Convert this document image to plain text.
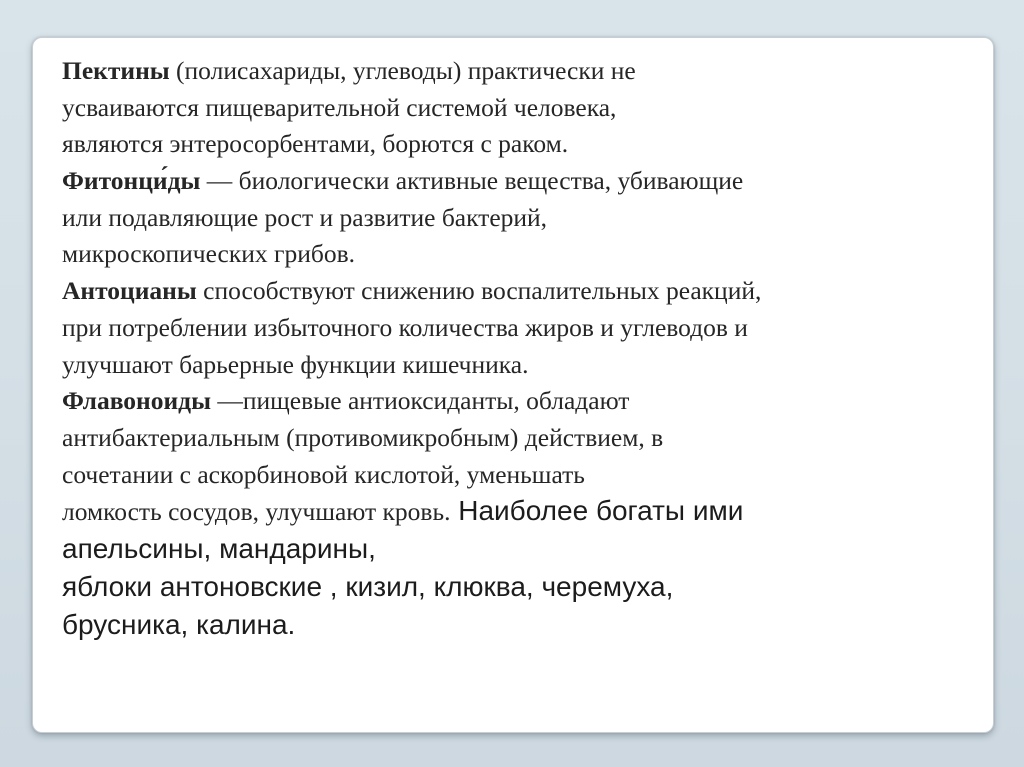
Пектины (полисахариды, углеводы) практически не
усваиваются пищеварительной системой человека,
являются энтеросорбентами, борются с раком.
Фитонци́ды — биологически активные вещества, убивающие
или подавляющие рост и развитие бактерий,
микроскопических грибов.
Антоцианы способствуют снижению воспалительных реакций,
при потреблении избыточного количества жиров и углеводов и
улучшают барьерные функции кишечника.
Флавоноиды —пищевые антиоксиданты, обладают
антибактериальным (противомикробным) действием, в
сочетании с аскорбиновой кислотой, уменьшать
ломкость сосудов, улучшают кровь. Наиболее богаты ими
апельсины, мандарины,
яблоки антоновские , кизил, клюква, черемуха,
брусника, калина.
